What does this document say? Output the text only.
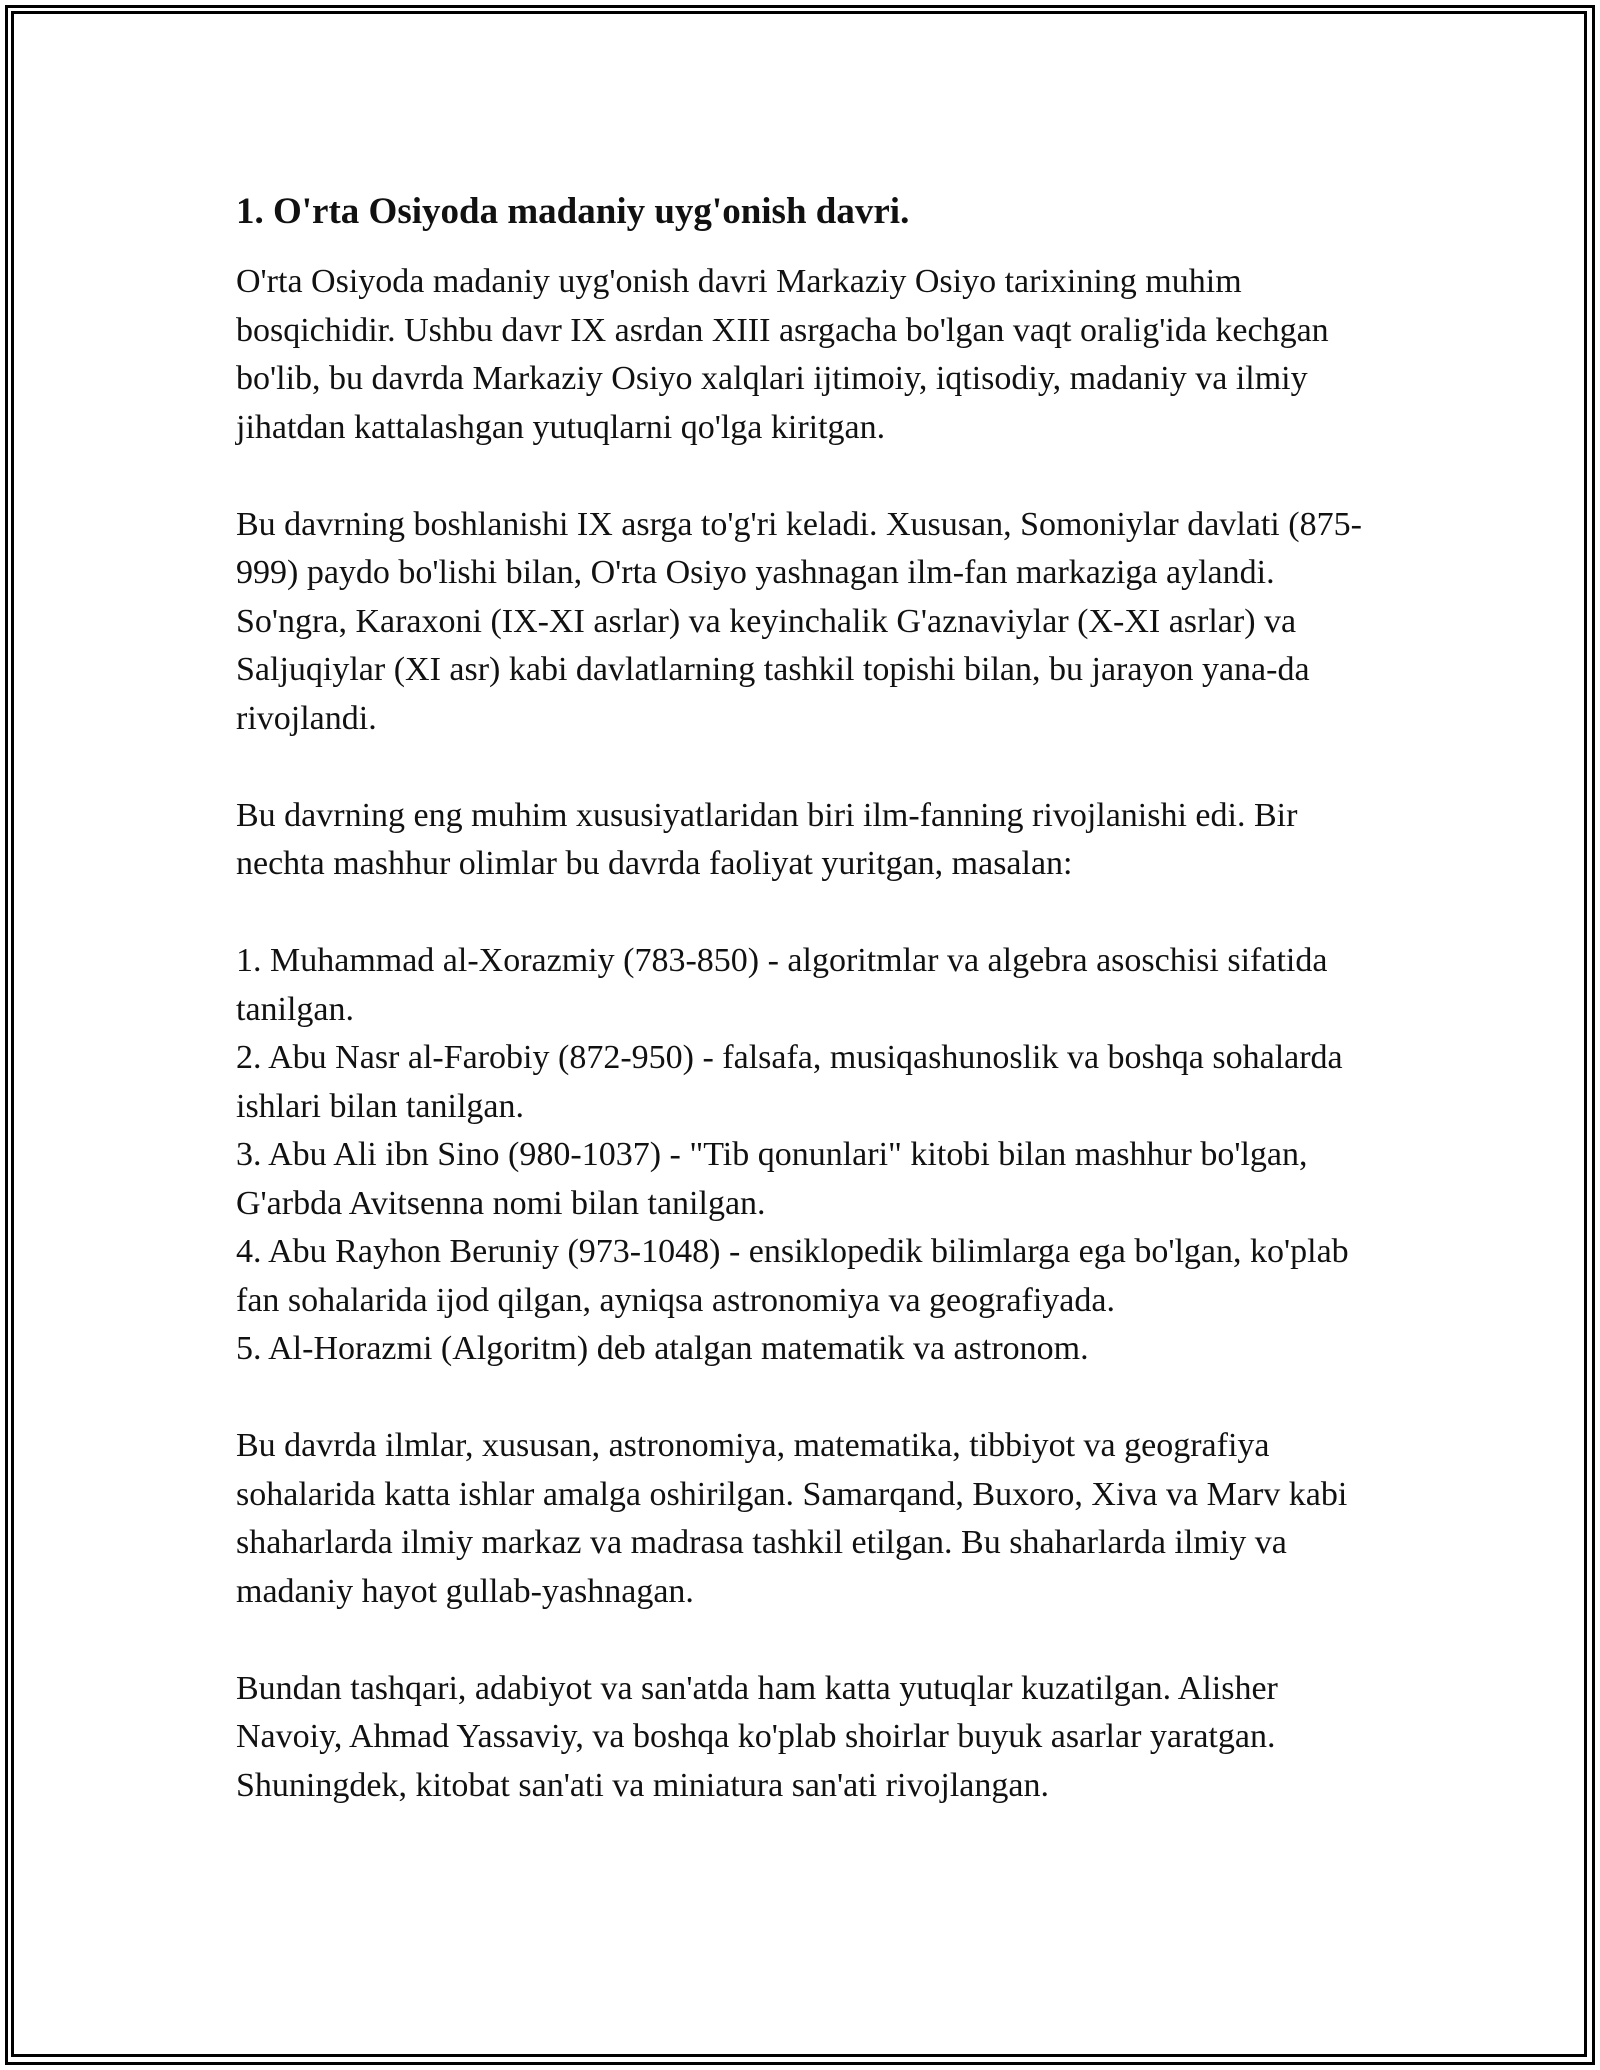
1. O'rta Osiyoda madaniy uyg'onish davri.

O'rta Osiyoda madaniy uyg'onish davri Markaziy Osiyo tarixining muhim bosqichidir. Ushbu davr IX asrdan XIII asrgacha bo'lgan vaqt oralig'ida kechgan bo'lib, bu davrda Markaziy Osiyo xalqlari ijtimoiy, iqtisodiy, madaniy va ilmiy jihatdan kattalashgan yutuqlarni qo'lga kiritgan.

Bu davrning boshlanishi IX asrga to'g'ri keladi. Xususan, Somoniylar davlati (875-999) paydo bo'lishi bilan, O'rta Osiyo yashnagan ilm-fan markaziga aylandi. So'ngra, Karaxoni (IX-XI asrlar) va keyinchalik G'aznaviylar (X-XI asrlar) va Saljuqiylar (XI asr) kabi davlatlarning tashkil topishi bilan, bu jarayon yana-da rivojlandi.

Bu davrning eng muhim xususiyatlaridan biri ilm-fanning rivojlanishi edi. Bir nechta mashhur olimlar bu davrda faoliyat yuritgan, masalan:

1. Muhammad al-Xorazmiy (783-850) - algoritmlar va algebra asoschisi sifatida tanilgan.
2. Abu Nasr al-Farobiy (872-950) - falsafa, musiqashunoslik va boshqa sohalarda ishlari bilan tanilgan.
3. Abu Ali ibn Sino (980-1037) - "Tib qonunlari" kitobi bilan mashhur bo'lgan, G'arbda Avitsenna nomi bilan tanilgan.
4. Abu Rayhon Beruniy (973-1048) - ensiklopedik bilimlarga ega bo'lgan, ko'plab fan sohalarida ijod qilgan, ayniqsa astronomiya va geografiyada.
5. Al-Horazmi (Algoritm) deb atalgan matematik va astronom.

Bu davrda ilmlar, xususan, astronomiya, matematika, tibbiyot va geografiya sohalarida katta ishlar amalga oshirilgan. Samarqand, Buxoro, Xiva va Marv kabi shaharlarda ilmiy markaz va madrasa tashkil etilgan. Bu shaharlarda ilmiy va madaniy hayot gullab-yashnagan.

Bundan tashqari, adabiyot va san'atda ham katta yutuqlar kuzatilgan. Alisher Navoiy, Ahmad Yassaviy, va boshqa ko'plab shoirlar buyuk asarlar yaratgan. Shuningdek, kitobat san'ati va miniatura san'ati rivojlangan.
